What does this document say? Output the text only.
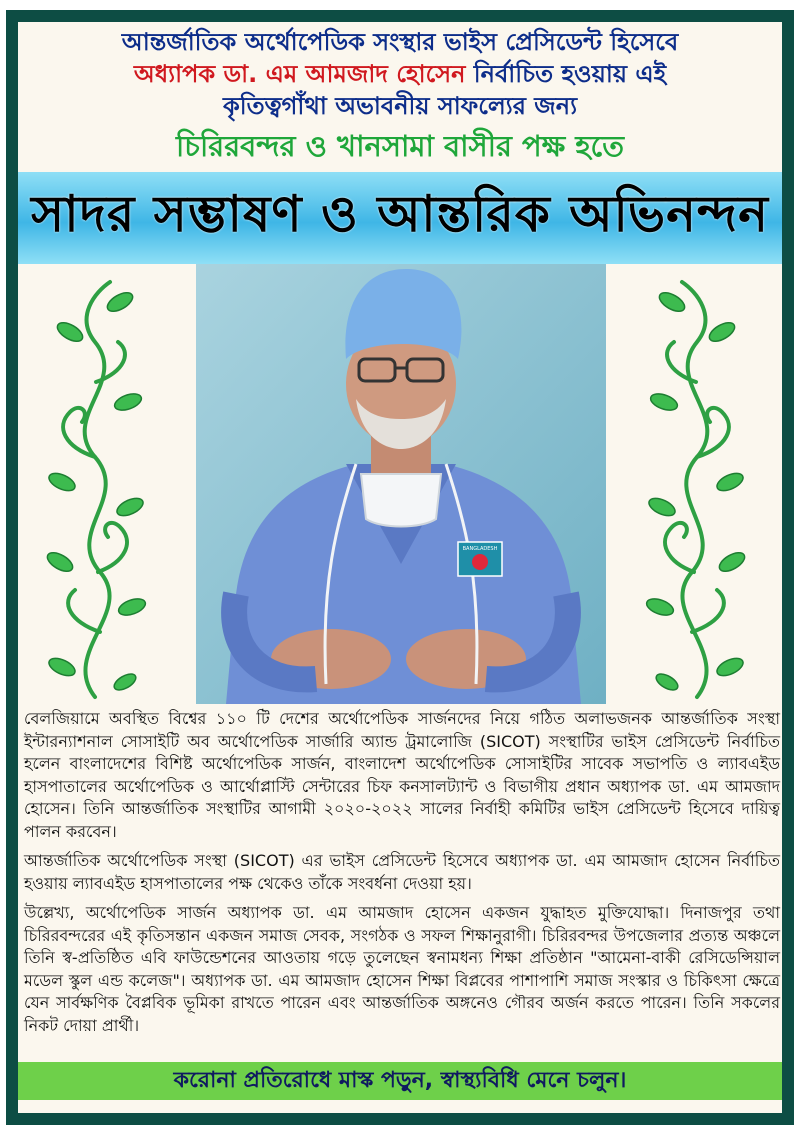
আন্তর্জাতিক অর্থোপেডিক সংস্থার ভাইস প্রেসিডেন্ট হিসেবে
অধ্যাপক ডা. এম আমজাদ হোসেন নির্বাচিত হওয়ায় এই
কৃতিত্বগাঁথা অভাবনীয় সাফল্যের জন্য
চিরিরবন্দর ও খানসামা বাসীর পক্ষ হতে
সাদর সম্ভাষণ ও আন্তরিক অভিনন্দন
BANGLADESH

বেলজিয়ামে অবস্থিত বিশ্বের ১১০ টি দেশের অর্থোপেডিক সার্জনদের নিয়ে গঠিত অলাভজনক আন্তর্জাতিক সংস্থা ইন্টারন্যাশনাল সোসাইটি অব অর্থোপেডিক সার্জারি অ্যান্ড ট্রমালোজি (SICOT) সংস্থাটির ভাইস প্রেসিডেন্ট নির্বাচিত হলেন বাংলাদেশের বিশিষ্ট অর্থোপেডিক সার্জন, বাংলাদেশ অর্থোপেডিক সোসাইটির সাবেক সভাপতি ও ল্যাবএইড হাসপাতালের অর্থোপেডিক ও আর্থোপ্লাস্টি সেন্টারের চিফ কনসালট্যান্ট ও বিভাগীয় প্রধান অধ্যাপক ডা. এম আমজাদ হোসেন। তিনি আন্তর্জাতিক সংস্থাটির আগামী ২০২০-২০২২ সালের নির্বাহী কমিটির ভাইস প্রেসিডেন্ট হিসেবে দায়িত্ব পালন করবেন।

আন্তর্জাতিক অর্থোপেডিক সংস্থা (SICOT) এর ভাইস প্রেসিডেন্ট হিসেবে অধ্যাপক ডা. এম আমজাদ হোসেন নির্বাচিত হওয়ায় ল্যাবএইড হাসপাতালের পক্ষ থেকেও তাঁকে সংবর্ধনা দেওয়া হয়।

উল্লেখ্য, অর্থোপেডিক সার্জন অধ্যাপক ডা. এম আমজাদ হোসেন একজন যুদ্ধাহত মুক্তিযোদ্ধা। দিনাজপুর তথা চিরিরবন্দরের এই কৃতিসন্তান একজন সমাজ সেবক, সংগঠক ও সফল শিক্ষানুরাগী। চিরিরবন্দর উপজেলার প্রত্যন্ত অঞ্চলে তিনি স্ব-প্রতিষ্ঠিত এবি ফাউন্ডেশনের আওতায় গড়ে তুলেছেন স্বনামধন্য শিক্ষা প্রতিষ্ঠান "আমেনা-বাকী রেসিডেন্সিয়াল মডেল স্কুল এন্ড কলেজ"। অধ্যাপক ডা. এম আমজাদ হোসেন শিক্ষা বিপ্লবের পাশাপাশি সমাজ সংস্কার ও চিকিৎসা ক্ষেত্রে যেন সার্বক্ষণিক বৈপ্লবিক ভূমিকা রাখতে পারেন এবং আন্তর্জাতিক অঙ্গনেও গৌরব অর্জন করতে পারেন। তিনি সকলের নিকট দোয়া প্রার্থী।

করোনা প্রতিরোধে মাস্ক পড়ুন, স্বাস্থ্যবিধি মেনে চলুন।
